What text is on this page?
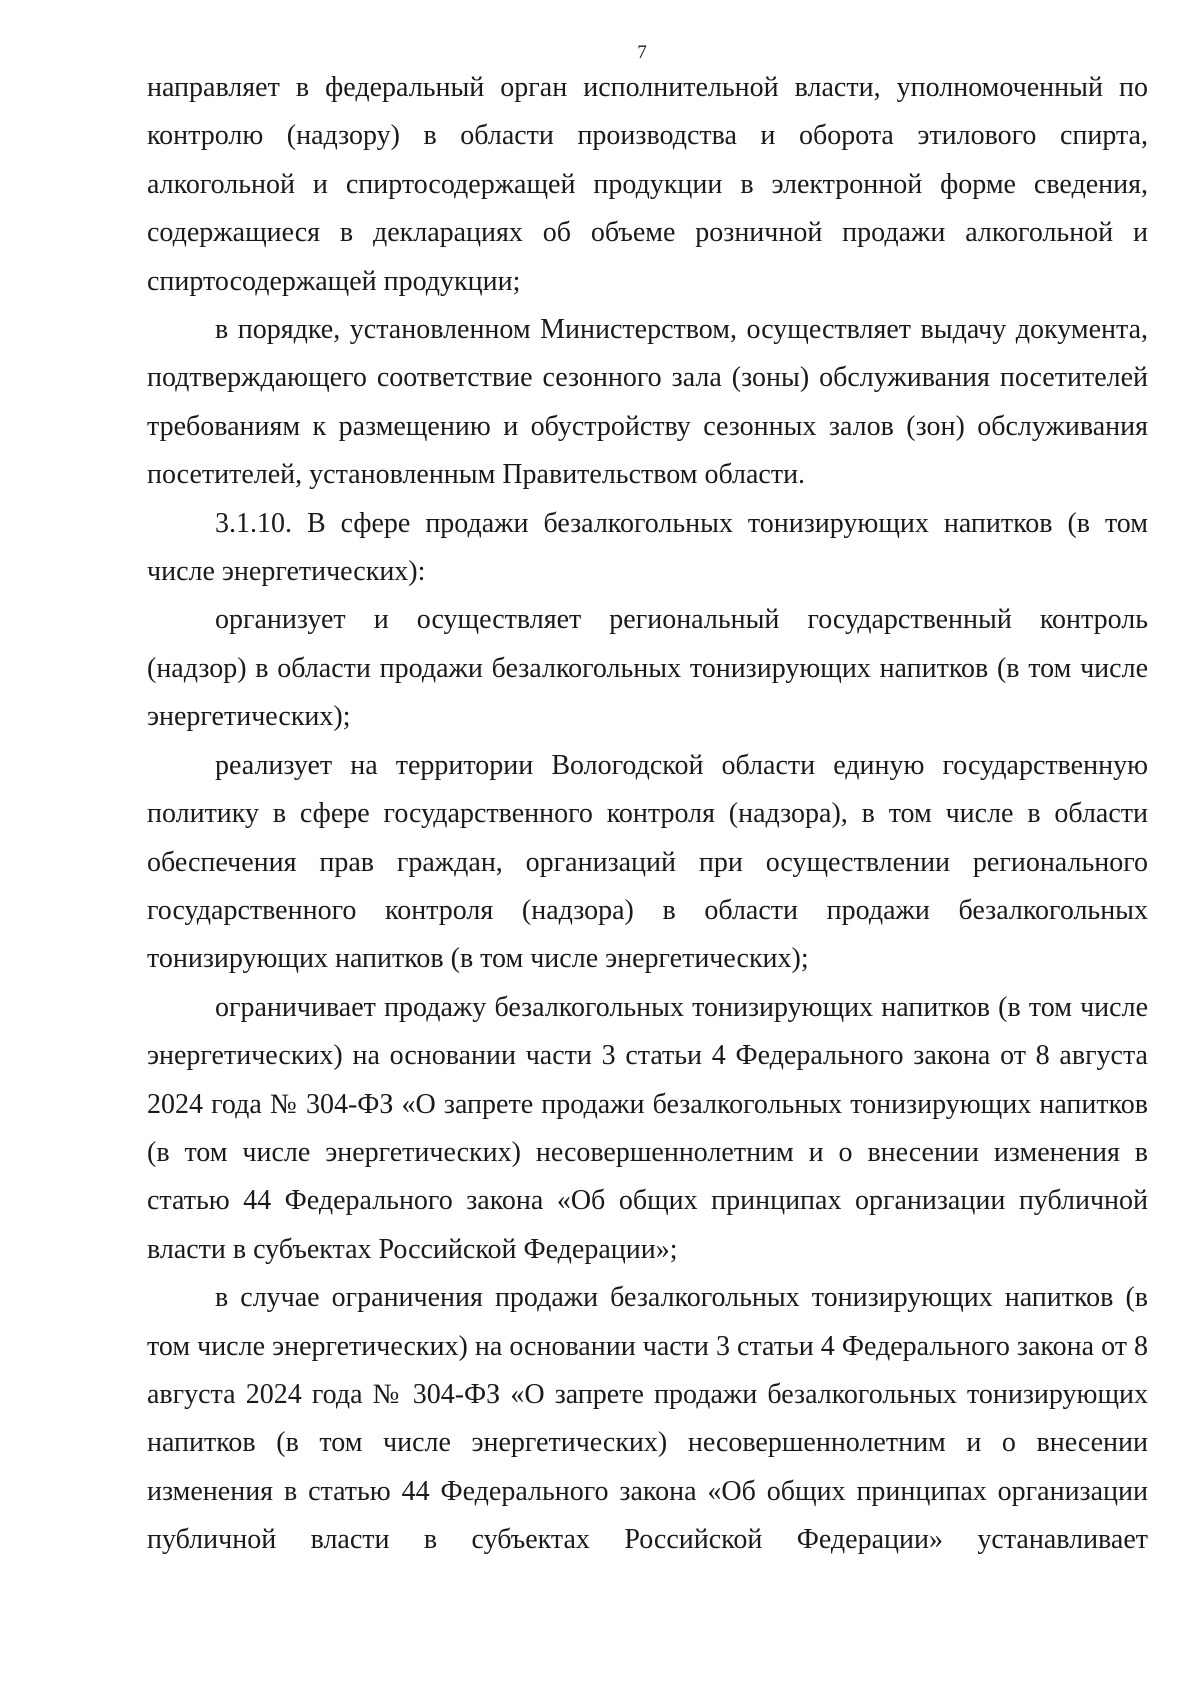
7

направляет в федеральный орган исполнительной власти, уполномоченный по контролю (надзору) в области производства и оборота этилового спирта, алкогольной и спиртосодержащей продукции в электронной форме сведения, содержащиеся в декларациях об объеме розничной продажи алкогольной и спиртосодержащей продукции;

в порядке, установленном Министерством, осуществляет выдачу документа, подтверждающего соответствие сезонного зала (зоны) обслуживания посетителей требованиям к размещению и обустройству сезонных залов (зон) обслуживания посетителей, установленным Правительством области.

3.1.10. В сфере продажи безалкогольных тонизирующих напитков (в том числе энергетических):

организует и осуществляет региональный государственный контроль (надзор) в области продажи безалкогольных тонизирующих напитков (в том числе энергетических);

реализует на территории Вологодской области единую государственную политику в сфере государственного контроля (надзора), в том числе в области обеспечения прав граждан, организаций при осуществлении регионального государственного контроля (надзора) в области продажи безалкогольных тонизирующих напитков (в том числе энергетических);

ограничивает продажу безалкогольных тонизирующих напитков (в том числе энергетических) на основании части 3 статьи 4 Федерального закона от 8 августа 2024 года № 304-ФЗ «О запрете продажи безалкогольных тонизирующих напитков (в том числе энергетических) несовершеннолетним и о внесении изменения в статью 44 Федерального закона «Об общих принципах организации публичной власти в субъектах Российской Федерации»;

в случае ограничения продажи безалкогольных тонизирующих напитков (в том числе энергетических) на основании части 3 статьи 4 Федерального закона от 8 августа 2024 года № 304-ФЗ «О запрете продажи безалкогольных тонизирующих напитков (в том числе энергетических) несовершеннолетним и о внесении изменения в статью 44 Федерального закона «Об общих принципах организации публичной власти в субъектах Российской Федерации» устанавливает
